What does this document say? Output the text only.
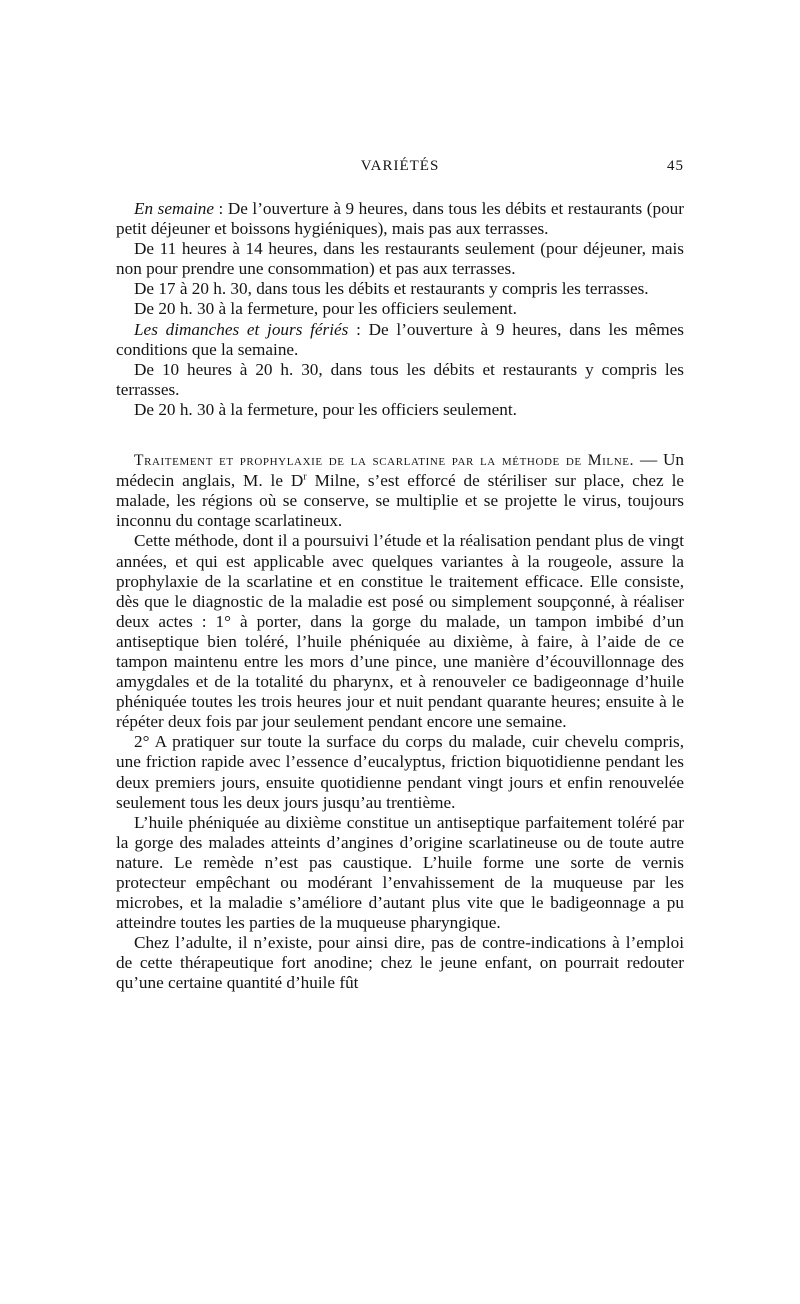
VARIÉTÉS	45

En semaine : De l’ouverture à 9 heures, dans tous les débits et restaurants (pour petit déjeuner et boissons hygiéniques), mais pas aux terrasses.

De 11 heures à 14 heures, dans les restaurants seulement (pour déjeuner, mais non pour prendre une consommation) et pas aux terrasses.

De 17 à 20 h. 30, dans tous les débits et restaurants y compris les terrasses.

De 20 h. 30 à la fermeture, pour les officiers seulement.

Les dimanches et jours fériés : De l’ouverture à 9 heures, dans les mêmes conditions que la semaine.

De 10 heures à 20 h. 30, dans tous les débits et restaurants y compris les terrasses.

De 20 h. 30 à la fermeture, pour les officiers seulement.

Traitement et prophylaxie de la scarlatine par la méthode de Milne. — Un médecin anglais, M. le $D^r$ Milne, s’est efforcé de stériliser sur place, chez le malade, les régions où se conserve, se multiplie et se projette le virus, toujours inconnu du contage scarlatineux.

Cette méthode, dont il a poursuivi l’étude et la réalisation pendant plus de vingt années, et qui est applicable avec quelques variantes à la rougeole, assure la prophylaxie de la scarlatine et en constitue le traitement efficace. Elle consiste, dès que le diagnostic de la maladie est posé ou simplement soupçonné, à réaliser deux actes : 1° à porter, dans la gorge du malade, un tampon imbibé d’un antiseptique bien toléré, l’huile phéniquée au dixième, à faire, à l’aide de ce tampon maintenu entre les mors d’une pince, une manière d’écouvillonnage des amygdales et de la totalité du pharynx, et à renouveler ce badigeonnage d’huile phéniquée toutes les trois heures jour et nuit pendant quarante heures; ensuite à le répéter deux fois par jour seulement pendant encore une semaine.

2° A pratiquer sur toute la surface du corps du malade, cuir chevelu compris, une friction rapide avec l’essence d’eucalyptus, friction biquotidienne pendant les deux premiers jours, ensuite quotidienne pendant vingt jours et enfin renouvelée seulement tous les deux jours jusqu’au trentième.

L’huile phéniquée au dixième constitue un antiseptique parfaitement toléré par la gorge des malades atteints d’angines d’origine scarlatineuse ou de toute autre nature. Le remède n’est pas caustique. L’huile forme une sorte de vernis protecteur empêchant ou modérant l’envahissement de la muqueuse par les microbes, et la maladie s’améliore d’autant plus vite que le badigeonnage a pu atteindre toutes les parties de la muqueuse pharyngique.

Chez l’adulte, il n’existe, pour ainsi dire, pas de contre-indications à l’emploi de cette thérapeutique fort anodine; chez le jeune enfant, on pourrait redouter qu’une certaine quantité d’huile fût
